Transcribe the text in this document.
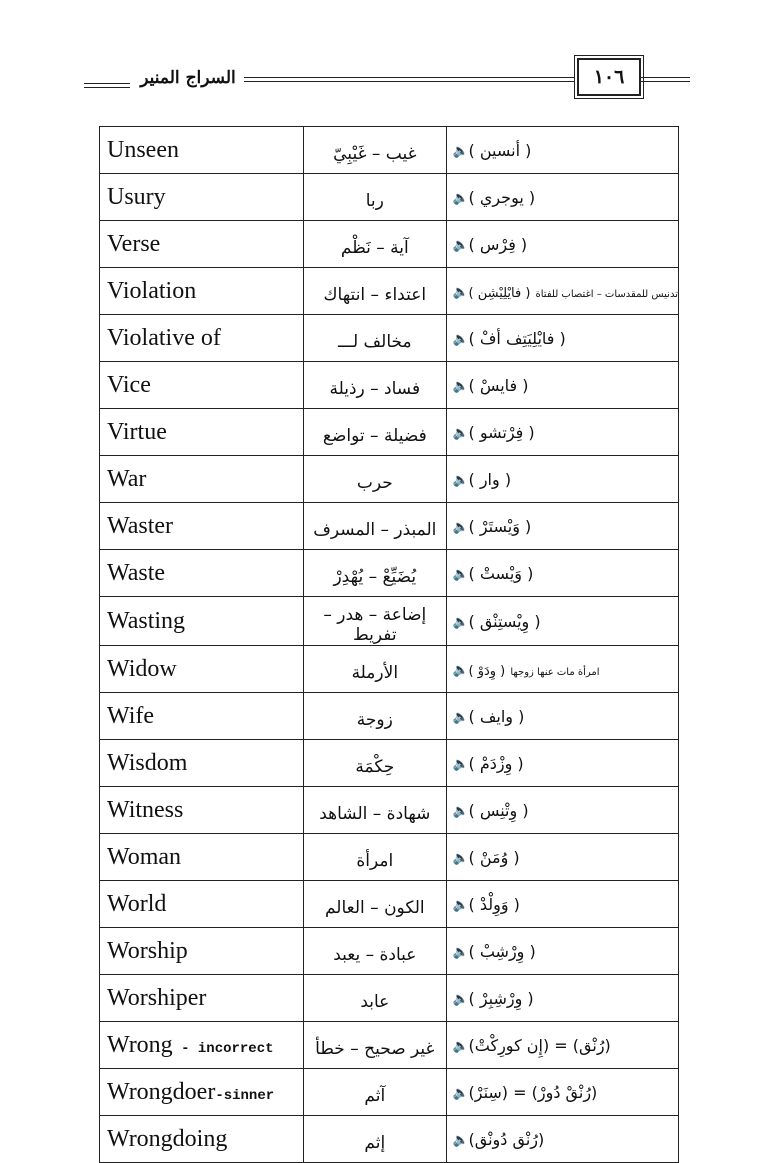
السراج المنير	١٠٦
Unseen	غيب – غَيْبِيّ	🔈( أنسين )
Usury	ربا	🔈( يوجري )
Verse	آية – نَظْم	🔈( فِرْس )
Violation	اعتداء – انتهاك	🔈( فايْلِيْشِن ) تدنيس للمقدسات – اغتصاب للفتاة
Violative of	مخالف لـــ	🔈( فايْلِيَتِف أفْ )
Vice	فساد – رذيلة	🔈( فايسْ )
Virtue	فضيلة – تواضع	🔈( فِرْتشو )
War	حرب	🔈( وار )
Waster	المبذر – المسرف	🔈( وَيْستَرْ )
Waste	يُضَيِّعْ – يُهْدِرْ	🔈( وَيْستْ )
Wasting	إضاعة – هدر – تفريط	🔈( وِيْستِنْق )
Widow	الأرملة	🔈( وِدَوْ ) امرأة مات عنها زوجها
Wife	زوجة	🔈( وايف )
Wisdom	حِكْمَة	🔈( وِزْدَمْ )
Witness	شهادة – الشاهد	🔈( وِتْنِس )
Woman	امرأة	🔈( وُمَنْ )
World	الكون – العالم	🔈( وَوِلْدْ )
Worship	عبادة – يعبد	🔈( وِرْشِبْ )
Worshiper	عابد	🔈( وِرْشِبِرْ )
Wrong - incorrect	غير صحيح – خطأ	🔈(رُنْق) = (إِن كورِكْتْ)
Wrongdoer-sinner	آثم	🔈(رُنْقْ دُورْ) = (سِنَرْ)
Wrongdoing	إثم	🔈(رُنْق دُونْق)
